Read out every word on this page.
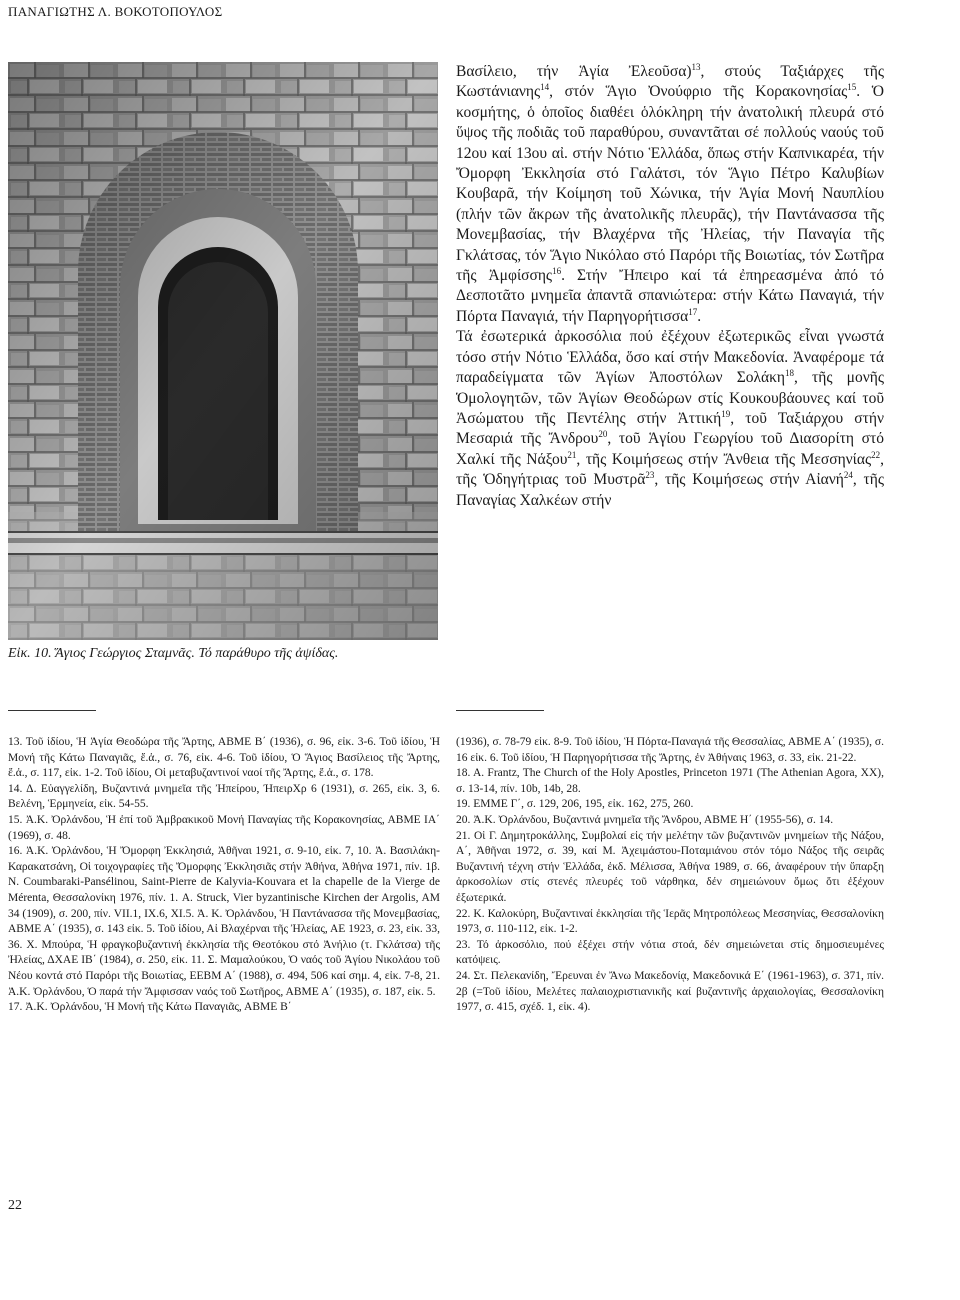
ΠΑΝΑΓΙΩΤΗΣ Λ. ΒΟΚΟΤΟΠΟΥΛΟΣ
Εἰκ. 10. Ἅγιος Γεώργιος Σταμνᾶς. Τό παράθυρο τῆς ἀψίδας.

Βασίλειο, τήν Ἁγία Ἐλεοῦσα)$^{13}$, στούς Ταξιάρχες τῆς Κωστάνιανης$^{14}$, στόν Ἅγιο Ὀνούφριο τῆς Κορακονησίας$^{15}$. Ὁ κοσμήτης, ὁ ὁποῖος διαθέει ὁλόκληρη τήν ἀνατολική πλευρά στό ὕψος τῆς ποδιᾶς τοῦ παραθύρου, συναντᾶται σέ πολλούς ναούς τοῦ 12ου καί 13ου αἰ. στήν Νότιο Ἑλλάδα, ὅπως στήν Καπνικαρέα, τήν Ὄμορφη Ἐκκλησία στό Γαλάτσι, τόν Ἅγιο Πέτρο Καλυβίων Κουβαρᾶ, τήν Κοίμηση τοῦ Χώνικα, τήν Ἁγία Μονή Ναυπλίου (πλήν τῶν ἄκρων τῆς ἀνατολικῆς πλευρᾶς), τήν Παντάνασσα τῆς Μονεμβασίας, τήν Βλαχέρνα τῆς Ἠλείας, τήν Παναγία τῆς Γκλάτσας, τόν Ἅγιο Νικόλαο στό Παρόρι τῆς Βοιωτίας, τόν Σωτῆρα τῆς Ἀμφίσσης$^{16}$. Στήν Ἤπειρο καί τά ἐπηρεασμένα ἀπό τό Δεσποτᾶτο μνημεῖα ἀπαντᾶ σπανιώτερα: στήν Κάτω Παναγιά, τήν Πόρτα Παναγιά, τήν Παρηγορήτισσα$^{17}$.

Τά ἐσωτερικά ἀρκοσόλια πού ἐξέχουν ἐξωτερικῶς εἶναι γνωστά τόσο στήν Νότιο Ἑλλάδα, ὅσο καί στήν Μακεδονία. Ἀναφέρομε τά παραδείγματα τῶν Ἁγίων Ἀποστόλων Σολάκη$^{18}$, τῆς μονῆς Ὁμολογητῶν, τῶν Ἁγίων Θεοδώρων στίς Κουκουβάουνες καί τοῦ Ἀσώματου τῆς Πεντέλης στήν Ἀττική$^{19}$, τοῦ Ταξιάρχου στήν Μεσαριά τῆς Ἄνδρου$^{20}$, τοῦ Ἁγίου Γεωργίου τοῦ Διασορίτη στό Χαλκί τῆς Νάξου$^{21}$, τῆς Κοιμήσεως στήν Ἄνθεια τῆς Μεσσηνίας$^{22}$, τῆς Ὁδηγήτριας τοῦ Μυστρᾶ$^{23}$, τῆς Κοιμήσεως στήν Αἰανή$^{24}$, τῆς Παναγίας Χαλκέων στήν

13. Τοῦ ἰδίου, Ἡ Ἁγία Θεοδώρα τῆς Ἄρτης, ΑΒΜΕ Β΄ (1936), σ. 96, εἰκ. 3-6. Τοῦ ἰδίου, Ἡ Μονή τῆς Κάτω Παναγιᾶς, ἔ.ἀ., σ. 76, εἰκ. 4-6. Τοῦ ἰδίου, Ὁ Ἅγιος Βασίλειος τῆς Ἄρτης, ἔ.ἀ., σ. 117, εἰκ. 1-2. Τοῦ ἰδίου, Οἱ μεταβυζαντινοί ναοί τῆς Ἄρτης, ἔ.ἀ., σ. 178.

14. Δ. Εὐαγγελίδη, Βυζαντινά μνημεῖα τῆς Ἠπείρου, ΉπειρΧρ 6 (1931), σ. 265, εἰκ. 3, 6. Βελένη, Ἑρμηνεία, εἰκ. 54-55.

15. Ἀ.Κ. Ὀρλάνδου, Ἡ ἐπί τοῦ Ἀμβρακικοῦ Μονή Παναγίας τῆς Κορακονησίας, ΑΒΜΕ ΙΑ΄ (1969), σ. 48.

16. Ἀ.Κ. Ὀρλάνδου, Ἡ Ὄμορφη Ἐκκλησιά, Ἀθῆναι 1921, σ. 9-10, εἰκ. 7, 10. Ἀ. Βασιλάκη-Καρακατσάνη, Οἱ τοιχογραφίες τῆς Ὄμορφης Ἐκκλησιᾶς στήν Ἀθήνα, Ἀθήνα 1971, πίν. 1β. N. Coumbaraki-Pansélinou, Saint-Pierre de Kalyvia-Kouvara et la chapelle de la Vierge de Mérenta, Θεσσαλονίκη 1976, πίν. 1. A. Struck, Vier byzantinische Kirchen der Argolis, AM 34 (1909), σ. 200, πίν. VII.1, IX.6, XI.5. Ἀ. Κ. Ὀρλάνδου, Ἡ Παντάνασσα τῆς Μονεμβασίας, ΑΒΜΕ Α΄ (1935), σ. 143 εἰκ. 5. Τοῦ ἰδίου, Αἱ Βλαχέρναι τῆς Ἠλείας, ΑΕ 1923, σ. 23, εἰκ. 33, 36. Χ. Μπούρα, Ἡ φραγκοβυζαντινή ἐκκλησία τῆς Θεοτόκου στό Ἀνήλιο (τ. Γκλάτσα) τῆς Ἠλείας, ΔΧΑΕ ΙΒ΄ (1984), σ. 250, εἰκ. 11. Σ. Μαμαλούκου, Ὁ ναός τοῦ Ἁγίου Νικολάου τοῦ Νέου κοντά στό Παρόρι τῆς Βοιωτίας, ΕΕΒΜ Α΄ (1988), σ. 494, 506 καί σημ. 4, εἰκ. 7-8, 21. Ἀ.Κ. Ὀρλάνδου, Ὁ παρά τήν Ἄμφισσαν ναός τοῦ Σωτῆρος, ΑΒΜΕ Α΄ (1935), σ. 187, εἰκ. 5.

17. Ἀ.Κ. Ὀρλάνδου, Ἡ Μονή τῆς Κάτω Παναγιᾶς, ΑΒΜΕ Β΄

(1936), σ. 78-79 εἰκ. 8-9. Τοῦ ἰδίου, Ἡ Πόρτα-Παναγιά τῆς Θεσσαλίας, ΑΒΜΕ Α΄ (1935), σ. 16 εἰκ. 6. Τοῦ ἰδίου, Ἡ Παρηγορήτισσα τῆς Ἄρτης, ἐν Ἀθήναις 1963, σ. 33, εἰκ. 21-22.

18. A. Frantz, The Church of the Holy Apostles, Princeton 1971 (The Athenian Agora, XX), σ. 13-14, πίν. 10b, 14b, 28.

19. ΕΜΜΕ Γ΄, σ. 129, 206, 195, εἰκ. 162, 275, 260.

20. Ἀ.Κ. Ὀρλάνδου, Βυζαντινά μνημεῖα τῆς Ἄνδρου, ΑΒΜΕ Η΄ (1955-56), σ. 14.

21. Οἱ Γ. Δημητροκάλλης, Συμβολαί εἰς τήν μελέτην τῶν βυζαντινῶν μνημείων τῆς Νάξου, Α΄, Ἀθῆναι 1972, σ. 39, καί Μ. Ἀχειμάστου-Ποταμιάνου στόν τόμο Νάξος τῆς σειρᾶς Βυζαντινή τέχνη στήν Ἑλλάδα, ἐκδ. Μέλισσα, Ἀθήνα 1989, σ. 66, ἀναφέρουν τήν ὕπαρξη ἀρκοσολίων στίς στενές πλευρές τοῦ νάρθηκα, δέν σημειώνουν ὅμως ὅτι ἐξέχουν ἐξωτερικά.

22. Κ. Καλοκύρη, Βυζαντιναί ἐκκλησίαι τῆς Ἱερᾶς Μητροπόλεως Μεσσηνίας, Θεσσαλονίκη 1973, σ. 110-112, εἰκ. 1-2.

23. Τό ἀρκοσόλιο, πού ἐξέχει στήν νότια στοά, δέν σημειώνεται στίς δημοσιευμένες κατόψεις.

24. Στ. Πελεκανίδη, Ἔρευναι ἐν Ἄνω Μακεδονίᾳ, Μακεδονικά Ε΄ (1961-1963), σ. 371, πίν. 2β (=Τοῦ ἰδίου, Μελέτες παλαιοχριστιανικῆς καί βυζαντινῆς ἀρχαιολογίας, Θεσσαλονίκη 1977, σ. 415, σχέδ. 1, εἰκ. 4).

22
